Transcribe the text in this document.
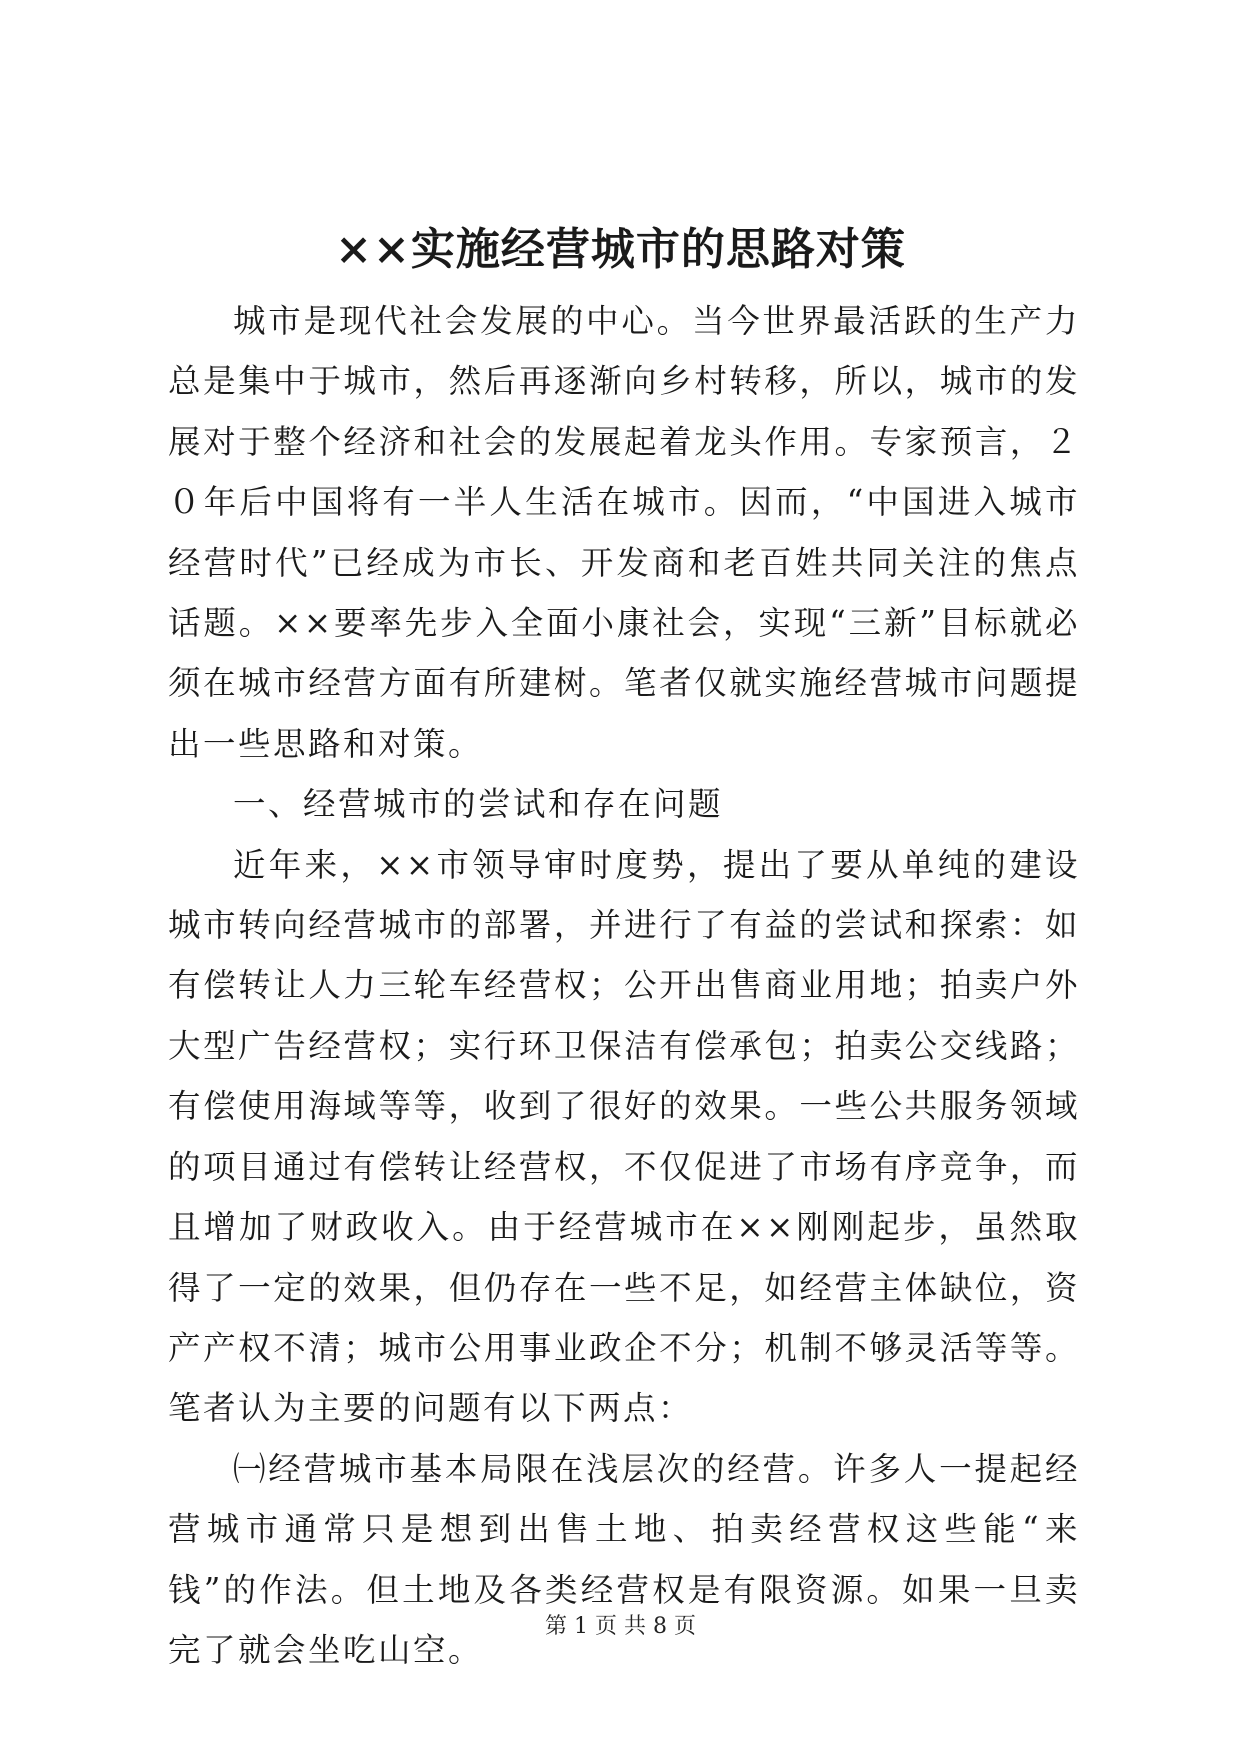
××实施经营城市的思路对策

城市是现代社会发展的中心。当今世界最活跃的生产力总是集中于城市，然后再逐渐向乡村转移，所以，城市的发展对于整个经济和社会的发展起着龙头作用。专家预言，２０年后中国将有一半人生活在城市。因而，“中国进入城市经营时代”已经成为市长、开发商和老百姓共同关注的焦点话题。××要率先步入全面小康社会，实现“三新”目标就必须在城市经营方面有所建树。笔者仅就实施经营城市问题提出一些思路和对策。

一、经营城市的尝试和存在问题

近年来，××市领导审时度势，提出了要从单纯的建设城市转向经营城市的部署，并进行了有益的尝试和探索：如有偿转让人力三轮车经营权；公开出售商业用地；拍卖户外大型广告经营权；实行环卫保洁有偿承包；拍卖公交线路；有偿使用海域等等，收到了很好的效果。一些公共服务领域的项目通过有偿转让经营权，不仅促进了市场有序竞争，而且增加了财政收入。由于经营城市在××刚刚起步，虽然取得了一定的效果，但仍存在一些不足，如经营主体缺位，资产产权不清；城市公用事业政企不分；机制不够灵活等等。笔者认为主要的问题有以下两点：

㈠经营城市基本局限在浅层次的经营。许多人一提起经营城市通常只是想到出售土地、拍卖经营权这些能“来钱”的作法。但土地及各类经营权是有限资源。如果一旦卖完了就会坐吃山空。

第 1 页 共 8 页
